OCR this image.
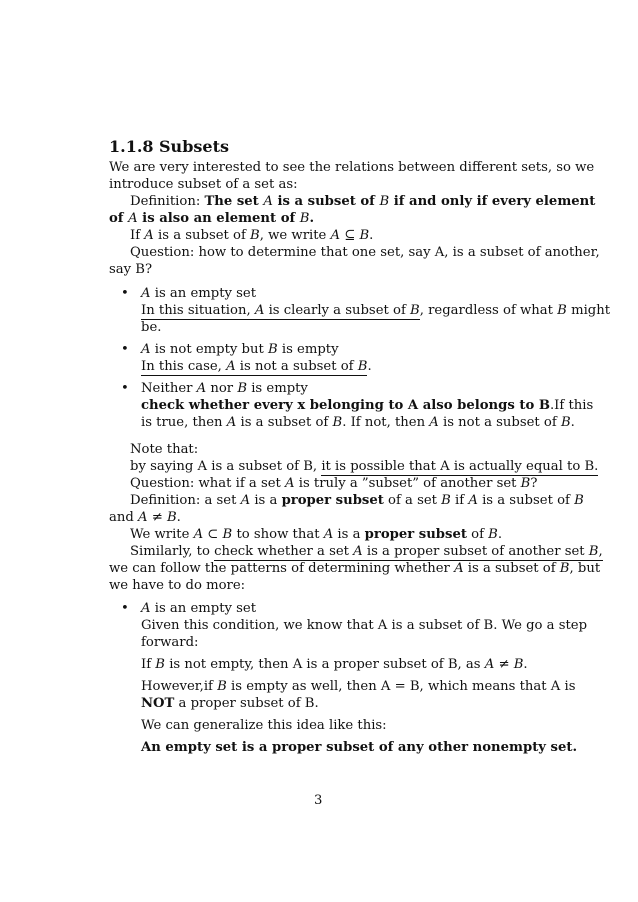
1.1.8 Subsets
We are very interested to see the relations between different sets, so we
introduce subset of a set as:
Definition: The set A is a subset of B if and only if every element
of A is also an element of B.
If A is a subset of B, we write A ⊆ B.
Question: how to determine that one set, say A, is a subset of another,
say B?
• A is an empty set
In this situation, A is clearly a subset of B, regardless of what B might
be.
• A is not empty but B is empty
In this case, A is not a subset of B.
• Neither A nor B is empty
check whether every x belonging to A also belongs to B.If this
is true, then A is a subset of B. If not, then A is not a subset of B.
Note that:
by saying A is a subset of B, it is possible that A is actually equal to B.
Question: what if a set A is truly a ”subset” of another set B?
Definition: a set A is a proper subset of a set B if A is a subset of B
and A ≠ B.
We write A ⊂ B to show that A is a proper subset of B.
Similarly, to check whether a set A is a proper subset of another set B,
we can follow the patterns of determining whether A is a subset of B, but
we have to do more:
• A is an empty set
Given this condition, we know that A is a subset of B. We go a step
forward:
If B is not empty, then A is a proper subset of B, as A ≠ B.
However,if B is empty as well, then A = B, which means that A is
NOT a proper subset of B.
We can generalize this idea like this:
An empty set is a proper subset of any other nonempty set.
3
